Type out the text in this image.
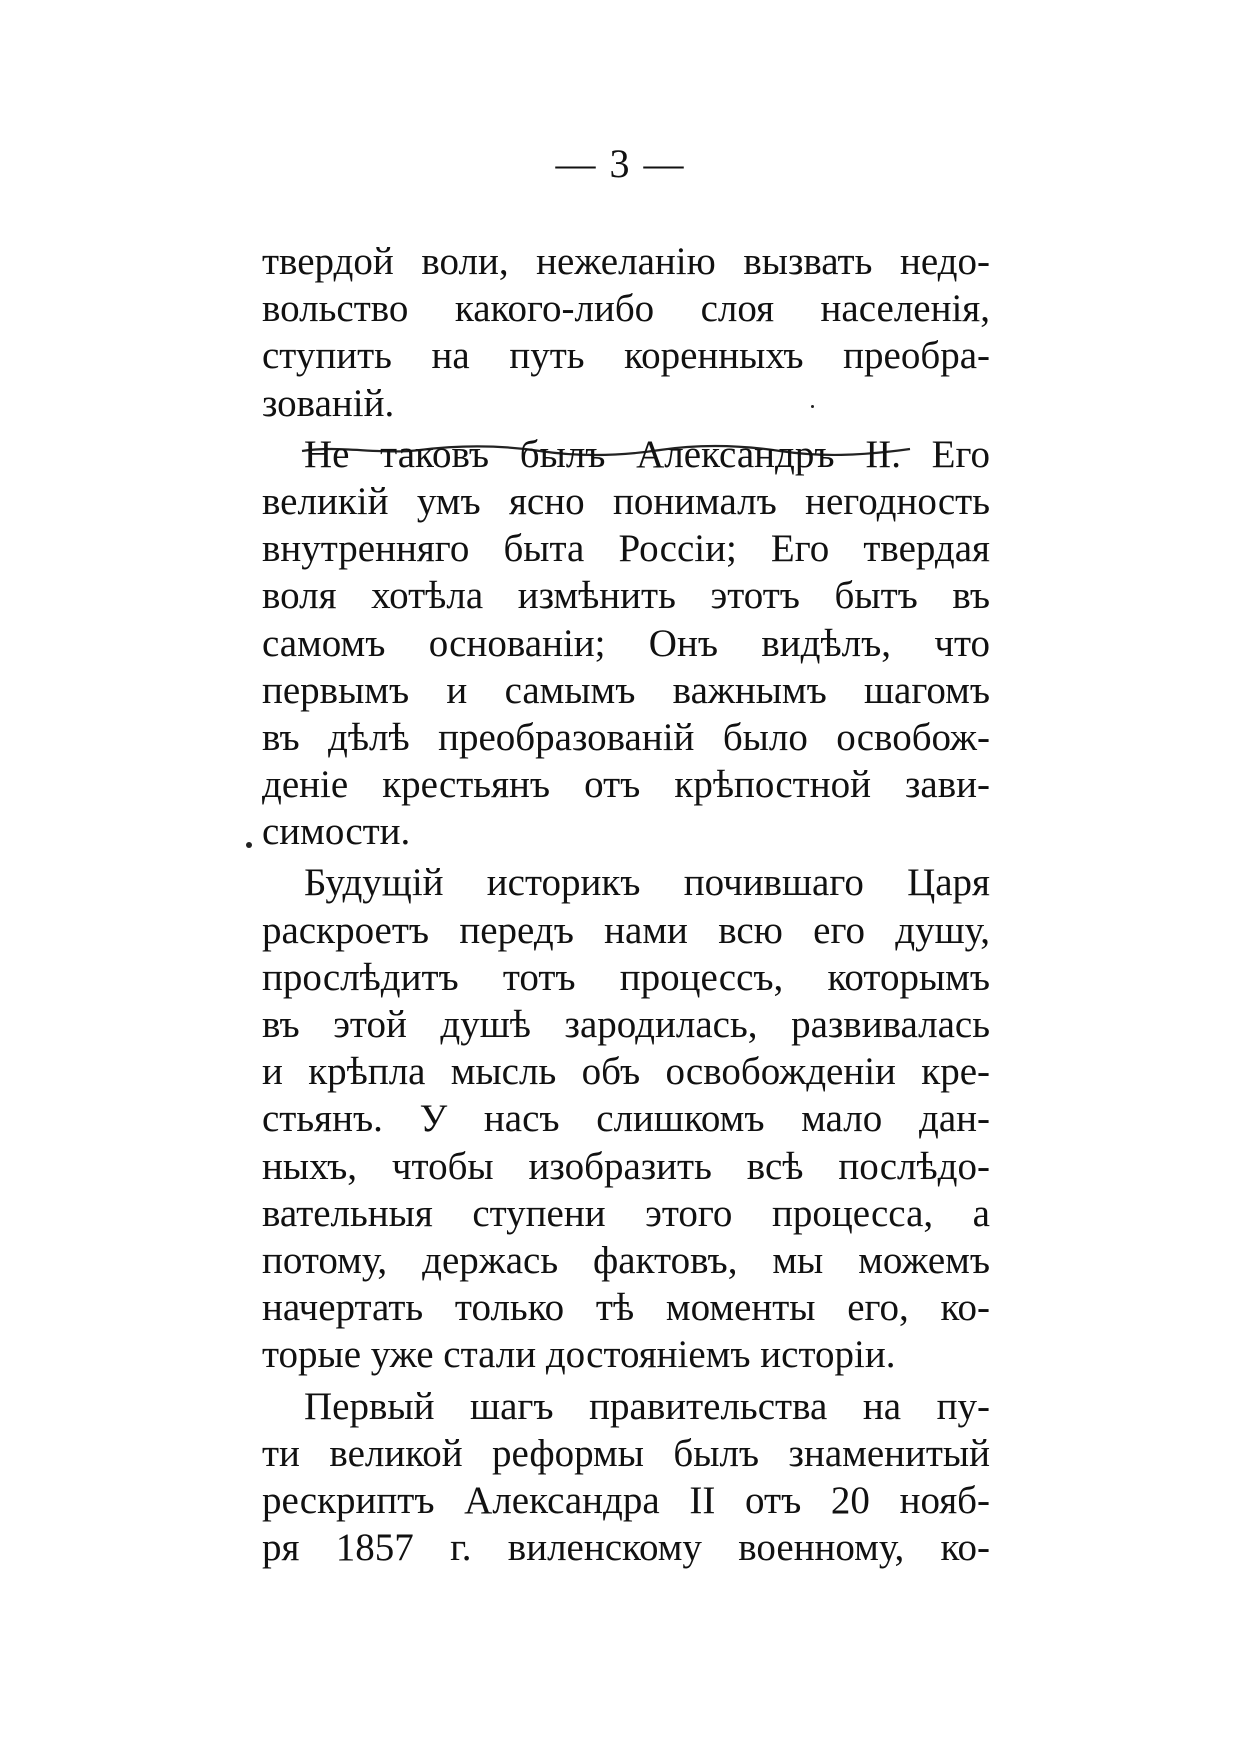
— 3 —
твердой воли, нежеланію вызвать недо-
вольство какого-либо слоя населенія,
ступить на путь коренныхъ преобра-
зованій.
Не таковъ былъ Александръ II. Его
великій умъ ясно понималъ негодность
внутренняго быта Россіи; Его твердая
воля хотѣла измѣнить этотъ бытъ въ
самомъ основаніи; Онъ видѣлъ, что
первымъ и самымъ важнымъ шагомъ
въ дѣлѣ преобразованій было освобож-
деніе крестьянъ отъ крѣпостной зави-
симости.
Будущій историкъ почившаго Царя
раскроетъ передъ нами всю его душу,
прослѣдитъ тотъ процессъ, которымъ
въ этой душѣ зародилась, развивалась
и крѣпла мысль объ освобожденіи кре-
стьянъ. У насъ слишкомъ мало дан-
ныхъ, чтобы изобразить всѣ послѣдо-
вательныя ступени этого процесса, а
потому, держась фактовъ, мы можемъ
начертать только тѣ моменты его, ко-
торые уже стали достояніемъ исторіи.
Первый шагъ правительства на пу-
ти великой реформы былъ знаменитый
рескриптъ Александра II отъ 20 нояб-
ря 1857 г. виленскому военному, ко-
